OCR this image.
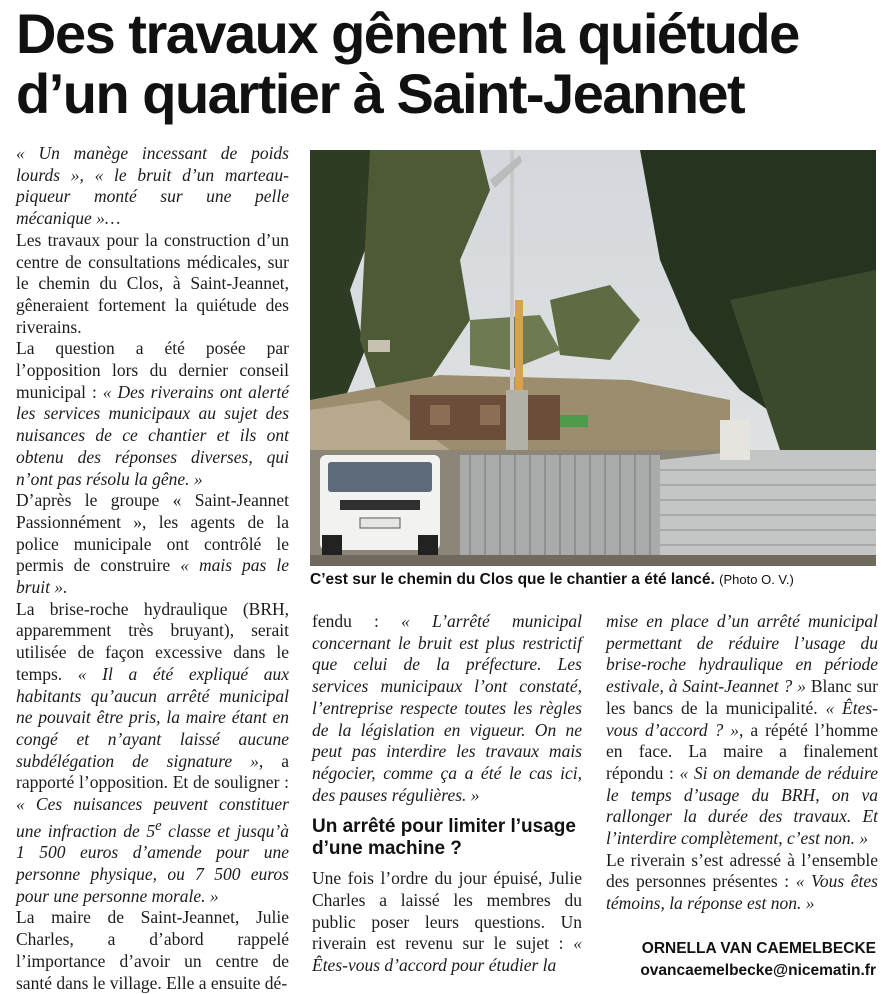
Des travaux gênent la quiétude d’un quartier à Saint-Jeannet

« Un manège incessant de poids lourds », « le bruit d’un marteau-piqueur monté sur une pelle mécanique »…

Les travaux pour la construction d’un centre de consultations médicales, sur le chemin du Clos, à Saint-Jeannet, gêneraient fortement la quiétude des riverains.

La question a été posée par l’opposition lors du dernier conseil municipal : « Des riverains ont alerté les services municipaux au sujet des nuisances de ce chantier et ils ont obtenu des réponses diverses, qui n’ont pas résolu la gêne. »

D’après le groupe « Saint-Jeannet Passionnément », les agents de la police municipale ont contrôlé le permis de construire « mais pas le bruit ».

La brise-roche hydraulique (BRH, apparemment très bruyant), serait utilisée de façon excessive dans le temps. « Il a été expliqué aux habitants qu’aucun arrêté municipal ne pouvait être pris, la maire étant en congé et n’ayant laissé aucune subdélégation de signature », a rapporté l’opposition. Et de souligner : « Ces nuisances peuvent constituer une infraction de 5e classe et jusqu’à 1 500 euros d’amende pour une personne physique, ou 7 500 euros pour une personne morale. »

La maire de Saint-Jeannet, Julie Charles, a d’abord rappelé l’importance d’avoir un centre de santé dans le village. Elle a ensuite dé-

C’est sur le chemin du Clos que le chantier a été lancé. (Photo O. V.)

fendu : « L’arrêté municipal concernant le bruit est plus restrictif que celui de la préfecture. Les services municipaux l’ont constaté, l’entreprise respecte toutes les règles de la législation en vigueur. On ne peut pas interdire les travaux mais négocier, comme ça a été le cas ici, des pauses régulières. »

Un arrêté pour limiter l’usage d’une machine ?

Une fois l’ordre du jour épuisé, Julie Charles a laissé les membres du public poser leurs questions. Un riverain est revenu sur le sujet : « Êtes-vous d’accord pour étudier la

mise en place d’un arrêté municipal permettant de réduire l’usage du brise-roche hydraulique en période estivale, à Saint-Jeannet ? » Blanc sur les bancs de la municipalité. « Êtes-vous d’accord ? », a répété l’homme en face. La maire a finalement répondu : « Si on demande de réduire le temps d’usage du BRH, on va rallonger la durée des travaux. Et l’interdire complètement, c’est non. »

Le riverain s’est adressé à l’ensemble des personnes présentes : « Vous êtes témoins, la réponse est non. »

ORNELLA VAN CAEMELBECKE
ovancaemelbecke@nicematin.fr
